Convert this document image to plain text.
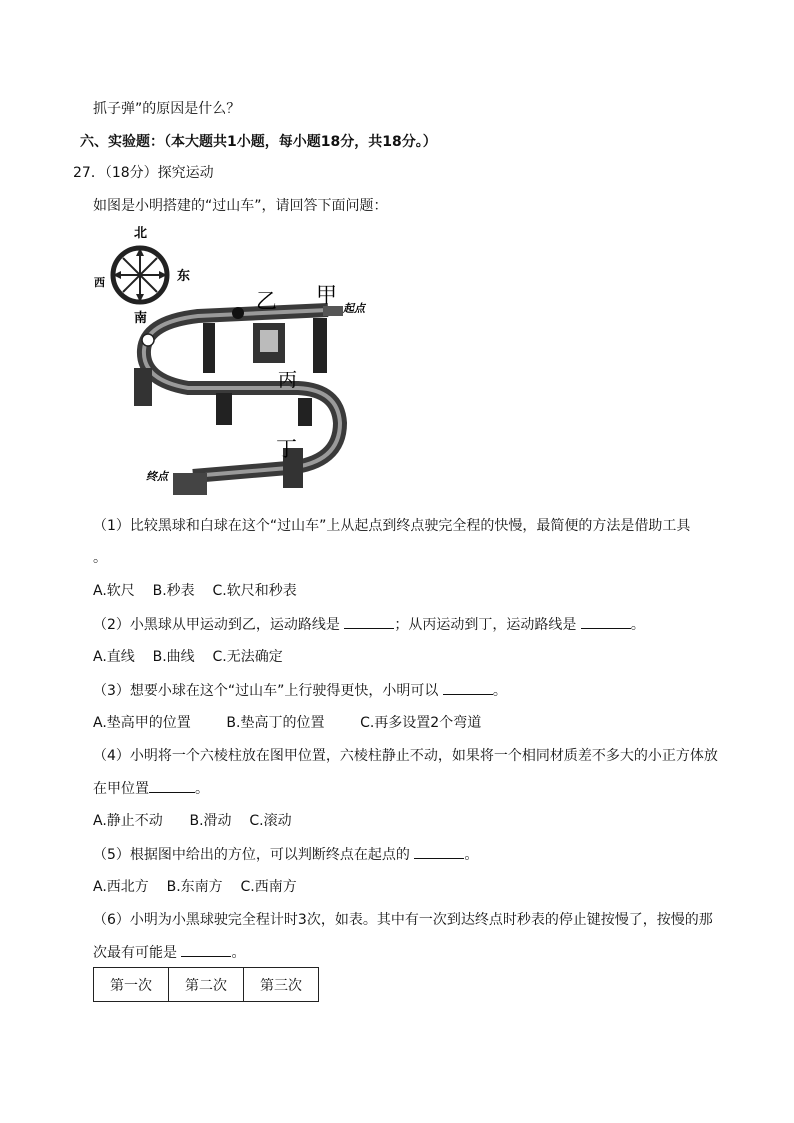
抓子弹”的原因是什么？
六、实验题：（本大题共1小题，每小题18分，共18分。）
27．（18分）探究运动
如图是小明搭建的“过山车”，请回答下面问题：
北
南
东
西
乙 甲
起点
丙
丁
终点
（1）比较黑球和白球在这个“过山车”上从起点到终点驶完全程的快慢，最简便的方法是借助工具
。
A.软尺 B.秒表 C.软尺和秒表
（2）小黑球从甲运动到乙，运动路线是	；从丙运动到丁，运动路线是	。
A.直线 B.曲线 C.无法确定
（3）想要小球在这个“过山车”上行驶得更快，小明可以	。
A.垫高甲的位置	B.垫高丁的位置	C.再多设置2个弯道
（4）小明将一个六棱柱放在图甲位置，六棱柱静止不动，如果将一个相同材质差不多大的小正方体放
在甲位置	。
A.静止不动 B.滑动 C.滚动
（5）根据图中给出的方位，可以判断终点在起点的	。
A.西北方 B.东南方 C.西南方
（6）小明为小黑球驶完全程计时3次，如表。其中有一次到达终点时秒表的停止键按慢了，按慢的那
次最有可能是	。
第一次	第二次	第三次
